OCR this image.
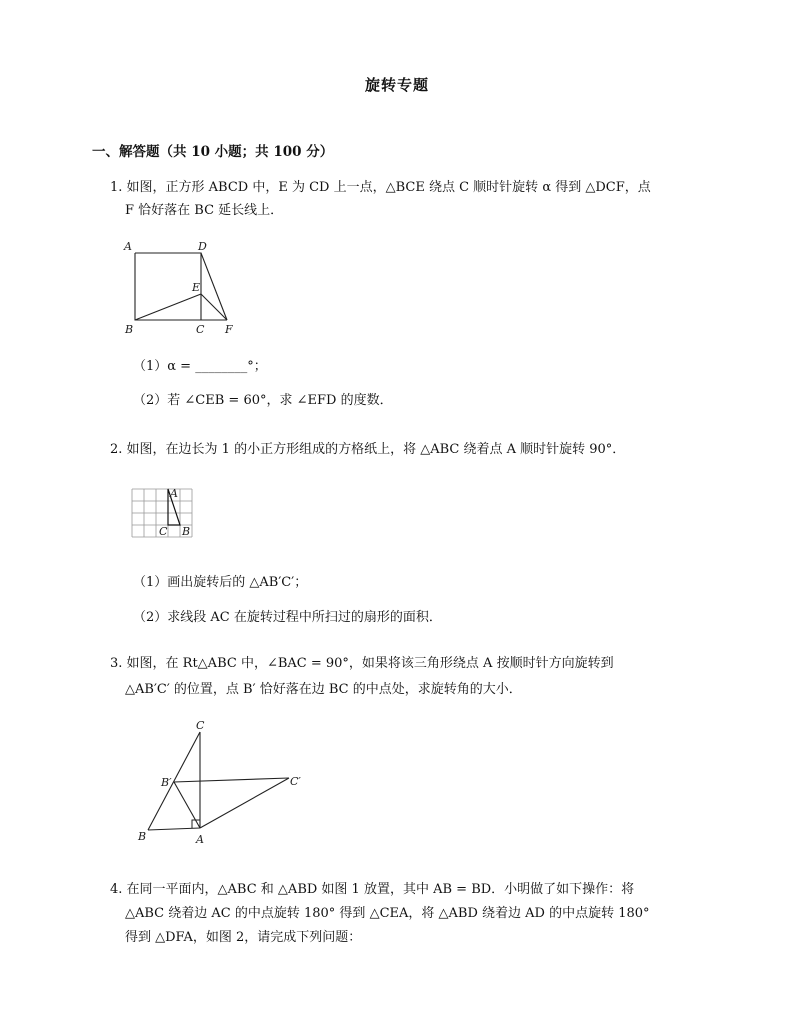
旋转专题
一、解答题（共 10 小题；共 100 分）
1. 如图，正方形 ABCD 中，E 为 CD 上一点，△BCE 绕点 C 顺时针旋转 α 得到 △DCF，点
F 恰好落在 BC 延长线上．
A	D
E
B	C F
（1）α = ________°；
（2）若 ∠CEB = 60°，求 ∠EFD 的度数．
2. 如图，在边长为 1 的小正方形组成的方格纸上，将 △ABC 绕着点 A 顺时针旋转 90°．
A
C B
（1）画出旋转后的 △AB′C′；
（2）求线段 AC 在旋转过程中所扫过的扇形的面积．
3. 如图，在 Rt△ABC 中，∠BAC = 90°，如果将该三角形绕点 A 按顺时针方向旋转到
△AB′C′ 的位置，点 B′ 恰好落在边 BC 的中点处，求旋转角的大小．
C
B′	C′
B	A
4. 在同一平面内，△ABC 和 △ABD 如图 1 放置，其中 AB = BD．小明做了如下操作：将
△ABC 绕着边 AC 的中点旋转 180° 得到 △CEA，将 △ABD 绕着边 AD 的中点旋转 180°
得到 △DFA，如图 2，请完成下列问题：
